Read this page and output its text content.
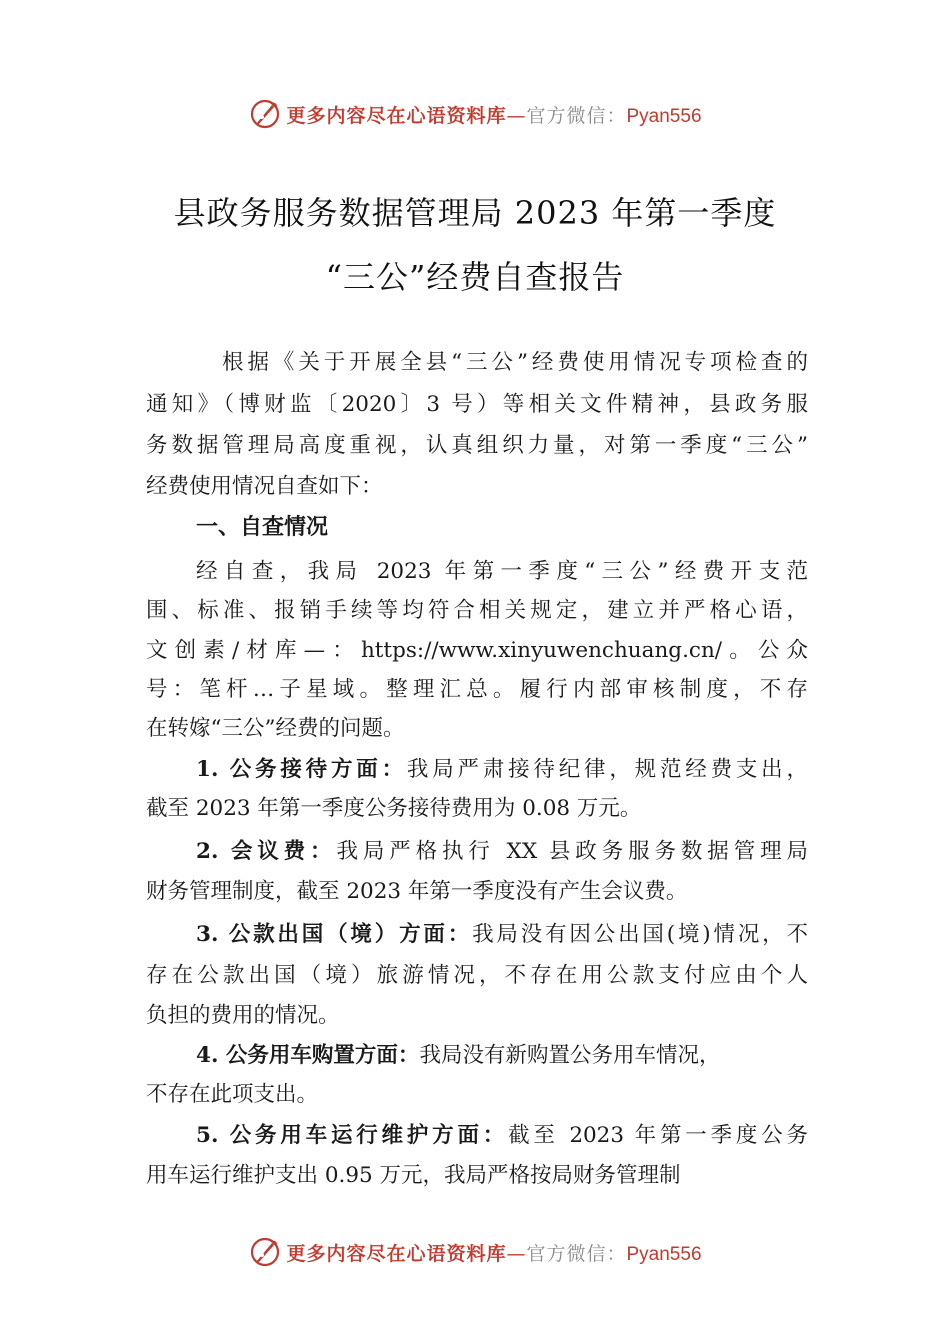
更多内容尽在心语资料库—官方微信：Pyan556
县政务服务数据管理局 2023 年第一季度
“三公”经费自查报告
根据《关于开展全县“三公”经费使用情况专项检查的
通知》（博财监〔2020〕3 号）等相关文件精神，县政务服
务数据管理局高度重视，认真组织力量，对第一季度“三公”
经费使用情况自查如下：
一、自查情况
经自查，我局 2023 年第一季度“三公”经费开支范
围、标准、报销手续等均符合相关规定，建立并严格心语，
文创素/材库—：https://www.xinyuwenchuang.cn/。公众
号：笔杆…子星域。整理汇总。履行内部审核制度，不存
在转嫁“三公”经费的问题。
1. 公务接待方面：我局严肃接待纪律，规范经费支出，
截至 2023 年第一季度公务接待费用为 0.08 万元。
2. 会议费：我局严格执行 XX 县政务服务数据管理局
财务管理制度，截至 2023 年第一季度没有产生会议费。
3. 公款出国（境）方面：我局没有因公出国(境)情况，不
存在公款出国（境）旅游情况，不存在用公款支付应由个人
负担的费用的情况。
4. 公务用车购置方面：我局没有新购置公务用车情况，
不存在此项支出。
5. 公务用车运行维护方面：截至 2023 年第一季度公务
用车运行维护支出 0.95 万元，我局严格按局财务管理制
更多内容尽在心语资料库—官方微信：Pyan556
